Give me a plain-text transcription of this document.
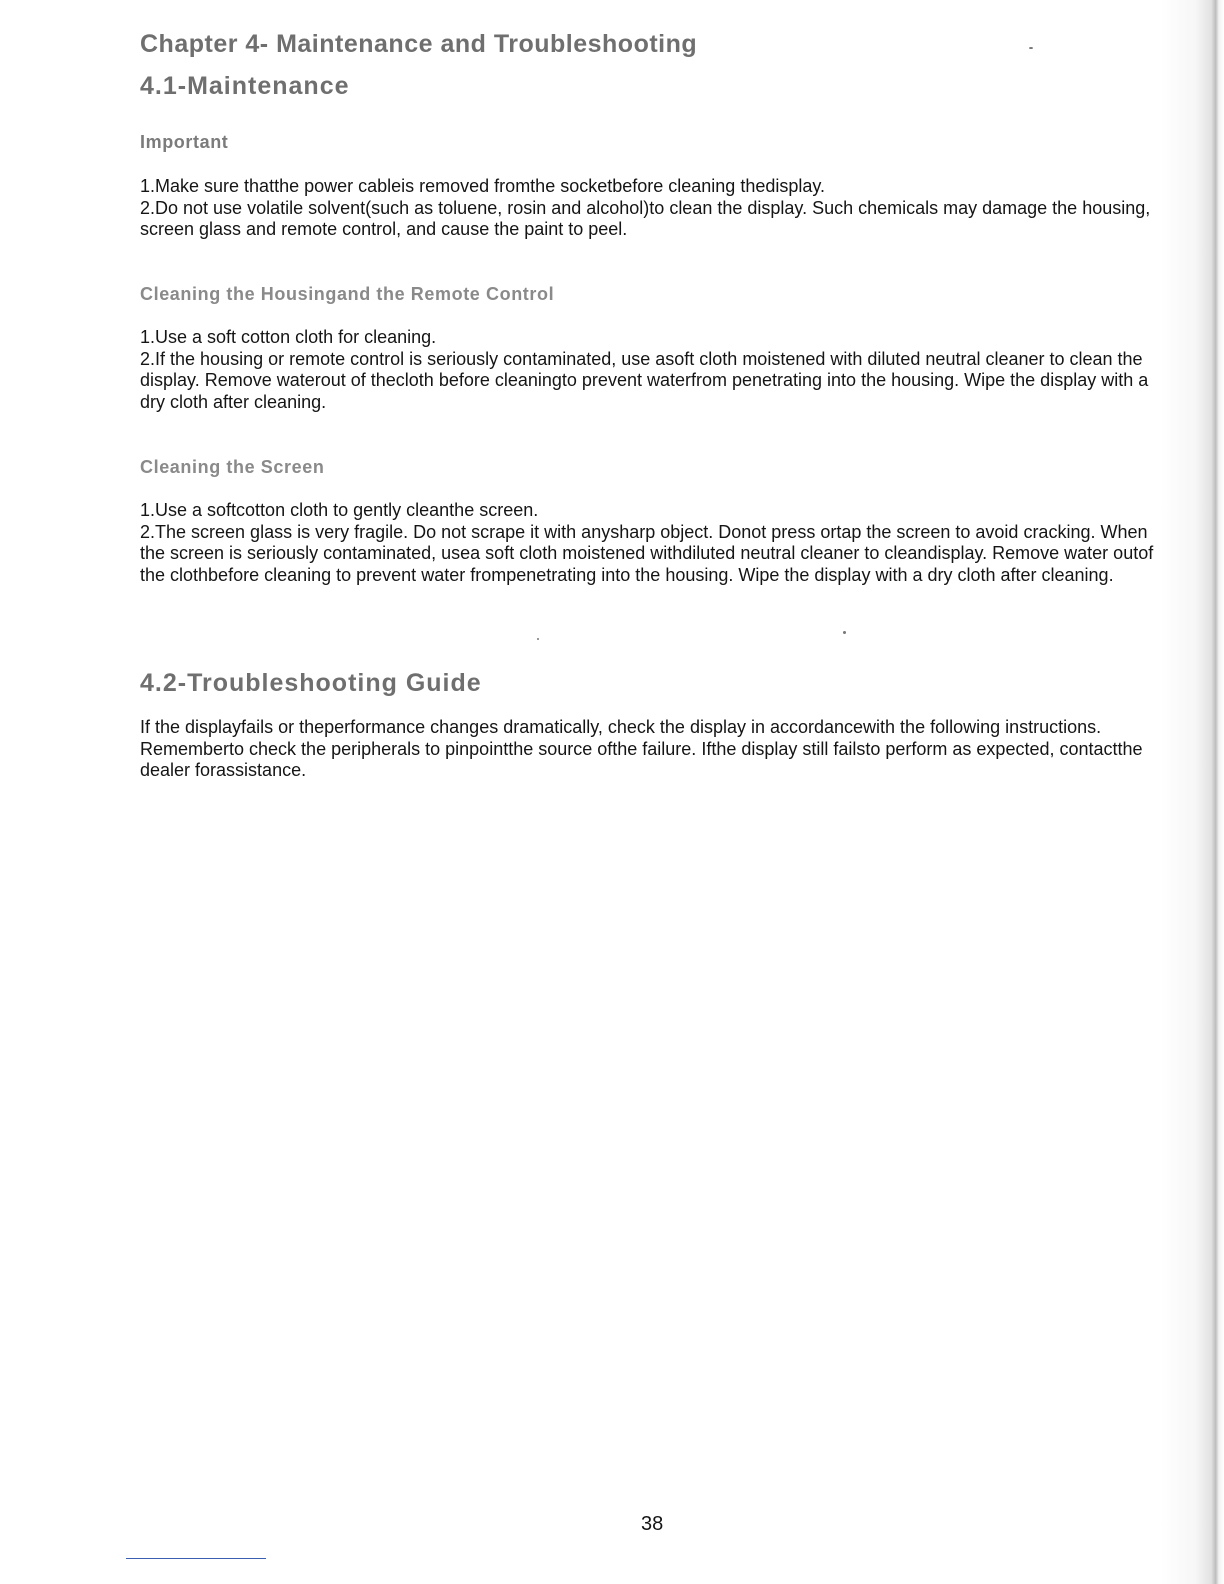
Chapter 4- Maintenance and Troubleshooting
4.1-Maintenance
Important

1.Make sure thatthe power cableis removed fromthe socketbefore cleaning thedisplay.

2.Do not use volatile solvent(such as toluene, rosin and alcohol)to clean the display. Such chemicals may damage the housing, screen glass and remote control, and cause the paint to peel.

Cleaning the Housingand the Remote Control

1.Use a soft cotton cloth for cleaning.

2.If the housing or remote control is seriously contaminated, use asoft cloth moistened with diluted neutral cleaner to clean the display. Remove waterout of thecloth before cleaningto prevent waterfrom penetrating into the housing. Wipe the display with a dry cloth after cleaning.

Cleaning the Screen

1.Use a softcotton cloth to gently cleanthe screen.

2.The screen glass is very fragile. Do not scrape it with anysharp object. Donot press ortap the screen to avoid cracking. When the screen is seriously contaminated, usea soft cloth moistened withdiluted neutral cleaner to cleandisplay. Remove water outof the clothbefore cleaning to prevent water frompenetrating into the housing. Wipe the display with a dry cloth after cleaning.

4.2-Troubleshooting Guide

If the displayfails or theperformance changes dramatically, check the display in accordancewith the following instructions. Rememberto check the peripherals to pinpointthe source ofthe failure. Ifthe display still failsto perform as expected, contactthe dealer forassistance.

38
